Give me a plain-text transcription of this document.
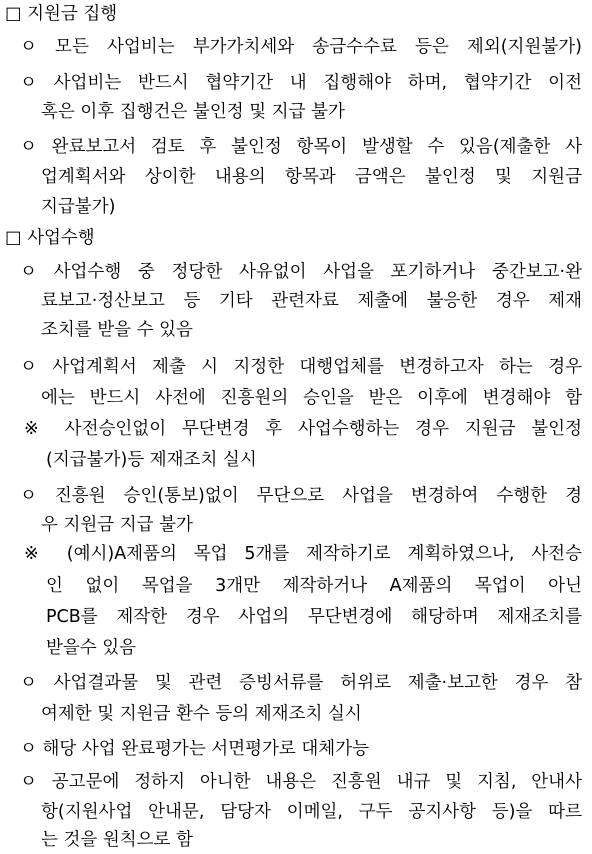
□ 지원금 집행
ㅇ 모든 사업비는 부가가치세와 송금수수료 등은 제외(지원불가)
ㅇ 사업비는 반드시 협약기간 내 집행해야 하며, 협약기간 이전
혹은 이후 집행건은 불인정 및 지급 불가
ㅇ 완료보고서 검토 후 불인정 항목이 발생할 수 있음(제출한 사
업계획서와 상이한 내용의 항목과 금액은 불인정 및 지원금
지급불가)
□ 사업수행
ㅇ 사업수행 중 정당한 사유없이 사업을 포기하거나 중간보고·완
료보고·정산보고 등 기타 관련자료 제출에 불응한 경우 제재
조치를 받을 수 있음
ㅇ 사업계획서 제출 시 지정한 대행업체를 변경하고자 하는 경우
에는 반드시 사전에 진흥원의 승인을 받은 이후에 변경해야 함
※ 사전승인없이 무단변경 후 사업수행하는 경우 지원금 불인정
(지급불가)등 제재조치 실시
ㅇ 진흥원 승인(통보)없이 무단으로 사업을 변경하여 수행한 경
우 지원금 지급 불가
※ (예시)A제품의 목업 5개를 제작하기로 계획하였으나, 사전승
인 없이 목업을 3개만 제작하거나 A제품의 목업이 아닌
PCB를 제작한 경우 사업의 무단변경에 해당하며 제재조치를
받을수 있음
ㅇ 사업결과물 및 관련 증빙서류를 허위로 제출·보고한 경우 참
여제한 및 지원금 환수 등의 제재조치 실시
ㅇ 해당 사업 완료평가는 서면평가로 대체가능
ㅇ 공고문에 정하지 아니한 내용은 진흥원 내규 및 지침, 안내사
항(지원사업 안내문, 담당자 이메일, 구두 공지사항 등)을 따르
는 것을 원칙으로 함
